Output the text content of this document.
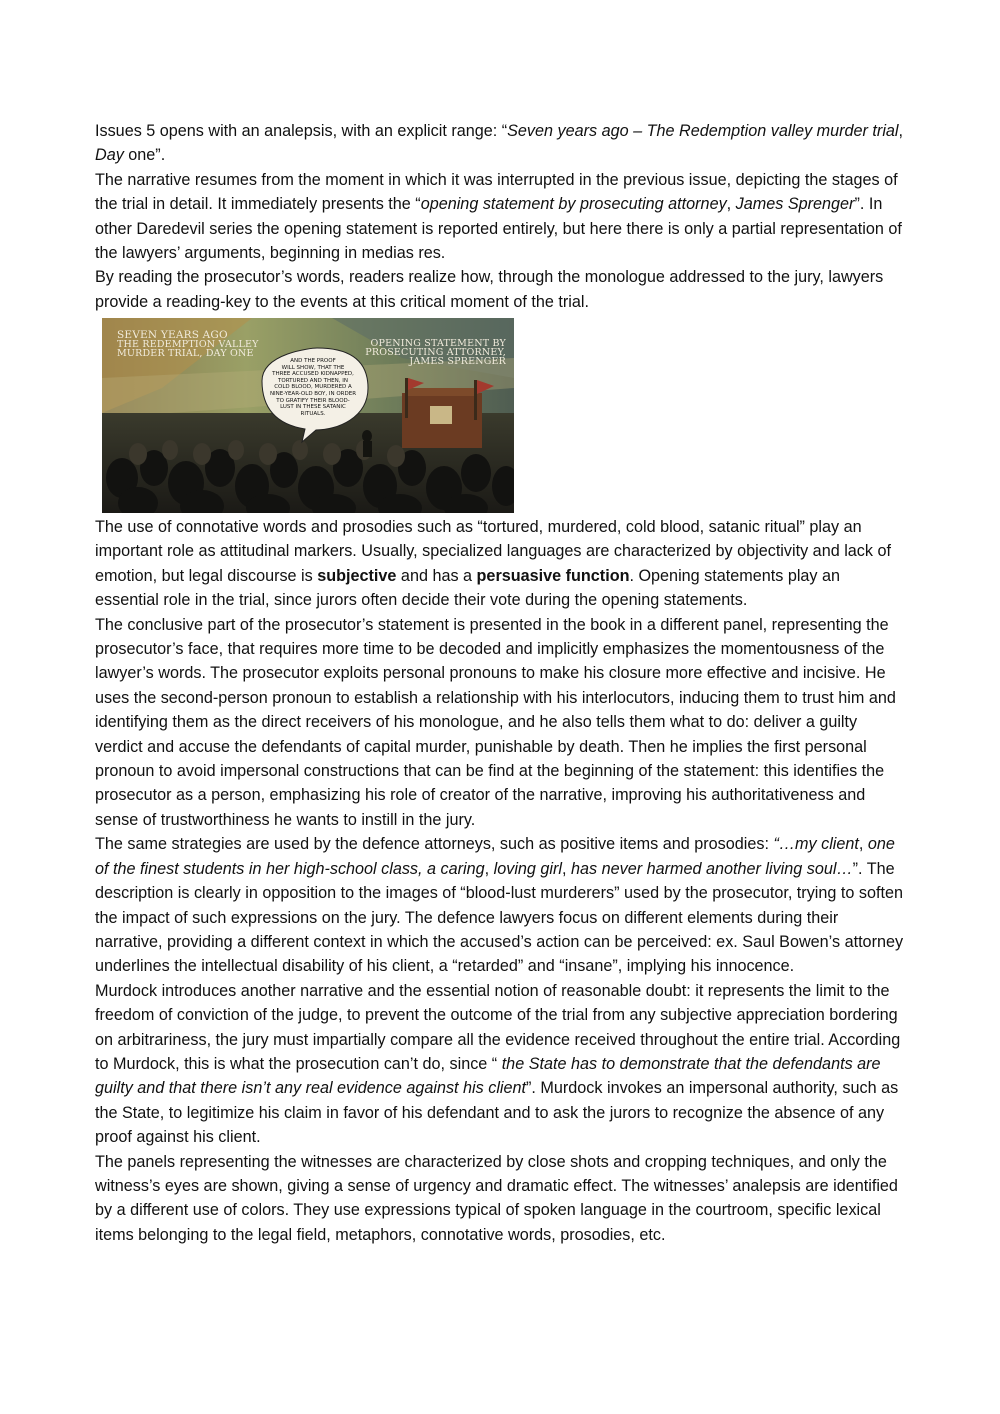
Issues 5 opens with an analepsis, with an explicit range: “Seven years ago – The Redemption valley murder trial, Day one”.

The narrative resumes from the moment in which it was interrupted in the previous issue, depicting the stages of the trial in detail. It immediately presents the “opening statement by prosecuting attorney, James Sprenger”. In other Daredevil series the opening statement is reported entirely, but here there is only a partial representation of the lawyers’ arguments, beginning in medias res.

By reading the prosecutor’s words, readers realize how, through the monologue addressed to the jury, lawyers provide a reading-key to the events at this critical moment of the trial.

SEVEN YEARS AGO
THE REDEMPTION VALLEY
MURDER TRIAL, DAY ONE
OPENING STATEMENT BY
PROSECUTING ATTORNEY,
JAMES SPRENGER
AND THE PROOF
WILL SHOW, THAT THE
THREE ACCUSED KIDNAPPED,
TORTURED AND THEN, IN
COLD BLOOD, MURDERED A
NINE-YEAR-OLD BOY, IN ORDER
TO GRATIFY THEIR BLOOD-
LUST IN THESE SATANIC
RITUALS.

The use of connotative words and prosodies such as “tortured, murdered, cold blood, satanic ritual” play an important role as attitudinal markers. Usually, specialized languages are characterized by objectivity and lack of emotion, but legal discourse is subjective and has a persuasive function. Opening statements play an essential role in the trial, since jurors often decide their vote during the opening statements.

The conclusive part of the prosecutor’s statement is presented in the book in a different panel, representing the prosecutor’s face, that requires more time to be decoded and implicitly emphasizes the momentousness of the lawyer’s words. The prosecutor exploits personal pronouns to make his closure more effective and incisive. He uses the second-person pronoun to establish a relationship with his interlocutors, inducing them to trust him and identifying them as the direct receivers of his monologue, and he also tells them what to do: deliver a guilty verdict and accuse the defendants of capital murder, punishable by death. Then he implies the first personal pronoun to avoid impersonal constructions that can be find at the beginning of the statement: this identifies the prosecutor as a person, emphasizing his role of creator of the narrative, improving his authoritativeness and sense of trustworthiness he wants to instill in the jury.

The same strategies are used by the defence attorneys, such as positive items and prosodies: “…my client, one of the finest students in her high-school class, a caring, loving girl, has never harmed another living soul…”. The description is clearly in opposition to the images of “blood-lust murderers” used by the prosecutor, trying to soften the impact of such expressions on the jury. The defence lawyers focus on different elements during their narrative, providing a different context in which the accused’s action can be perceived: ex. Saul Bowen’s attorney underlines the intellectual disability of his client, a “retarded” and “insane”, implying his innocence.

Murdock introduces another narrative and the essential notion of reasonable doubt: it represents the limit to the freedom of conviction of the judge, to prevent the outcome of the trial from any subjective appreciation bordering on arbitrariness, the jury must impartially compare all the evidence received throughout the entire trial. According to Murdock, this is what the prosecution can’t do, since “ the State has to demonstrate that the defendants are guilty and that there isn’t any real evidence against his client”. Murdock invokes an impersonal authority, such as the State, to legitimize his claim in favor of his defendant and to ask the jurors to recognize the absence of any proof against his client.

The panels representing the witnesses are characterized by close shots and cropping techniques, and only the witness’s eyes are shown, giving a sense of urgency and dramatic effect. The witnesses’ analepsis are identified by a different use of colors. They use expressions typical of spoken language in the courtroom, specific lexical items belonging to the legal field, metaphors, connotative words, prosodies, etc.
